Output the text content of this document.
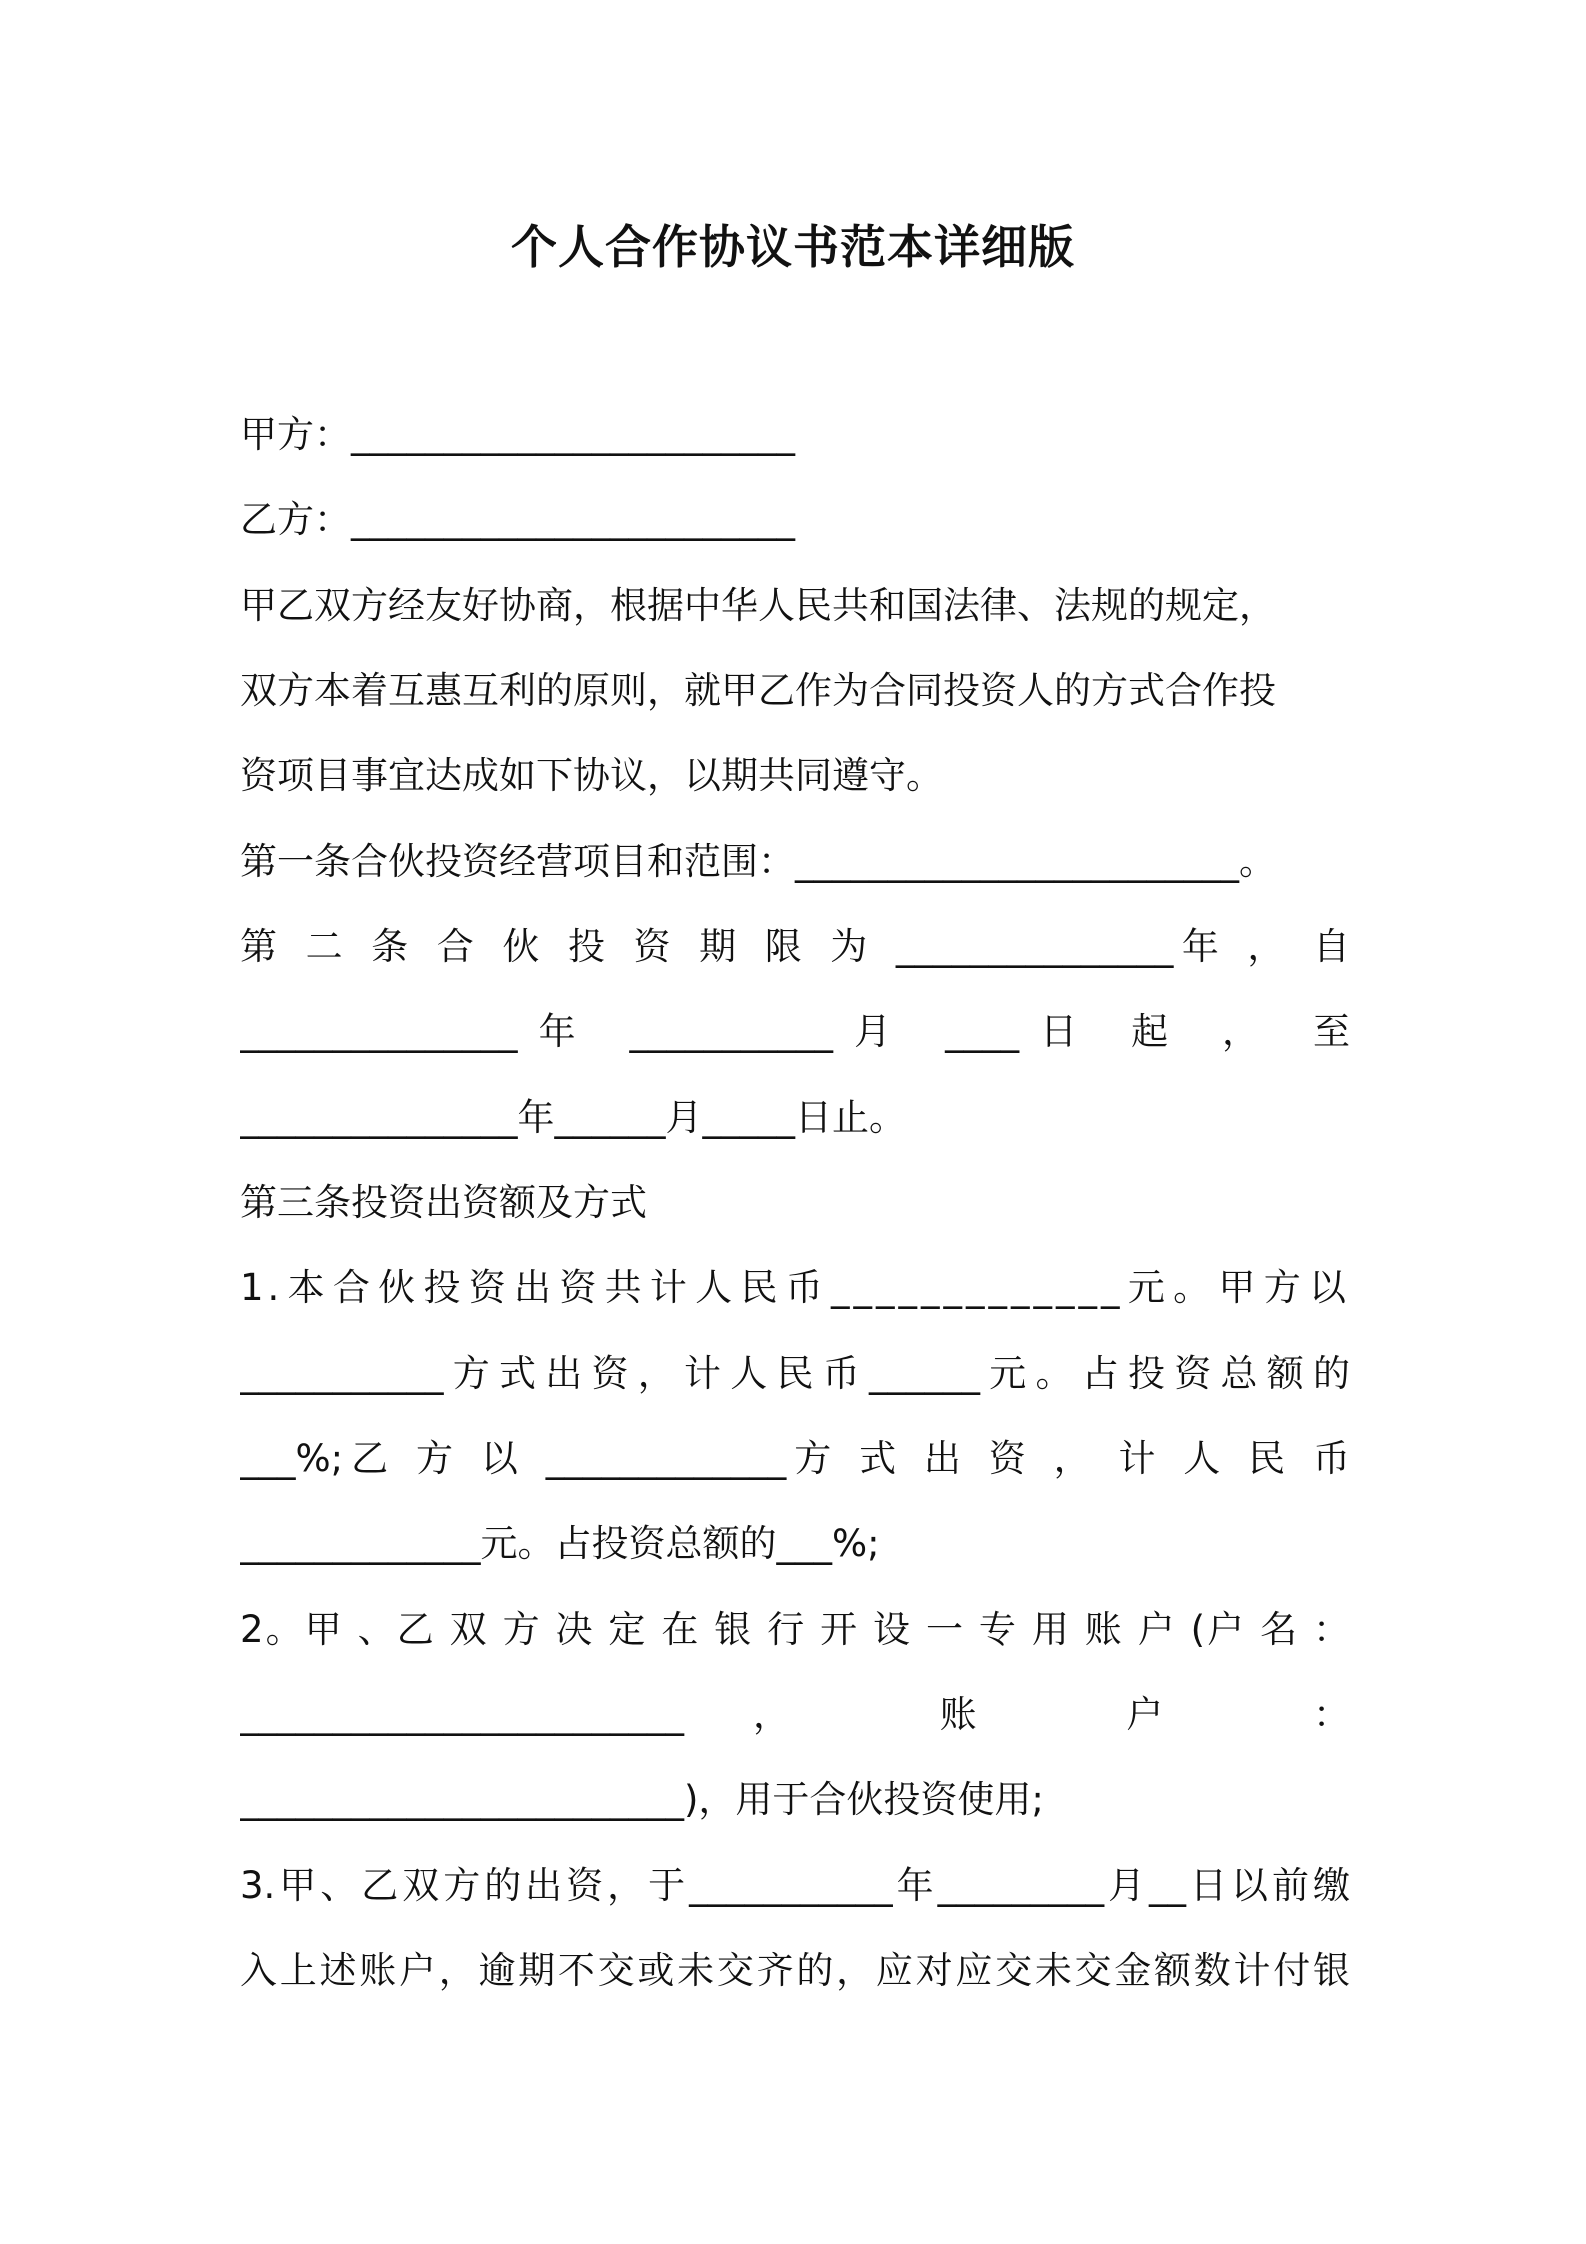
个人合作协议书范本详细版
甲方：________________________
乙方：________________________
甲乙双方经友好协商，根据中华人民共和国法律、法规的规定，
双方本着互惠互利的原则，就甲乙作为合同投资人的方式合作投
资项目事宜达成如下协议，以期共同遵守。
第一条合伙投资经营项目和范围：________________________。
第 二 条 合 伙 投 资 期 限 为 _______________年 ， 自
_______________年 ___________月 ____日 起 ， 至
_______________年______月_____日止。
第三条投资出资额及方式
1.本合伙投资出资共计人民币_____________元。甲方以
___________方式出资，计人民币______元。占投资总额的
___%;乙 方 以 _____________方 式 出 资 ， 计 人 民 币
_____________元。占投资总额的___%;
2。甲 、乙 双 方 决 定 在 银 行 开 设 一 专 用 账 户 (户 名 ：
________________________， 账 户 ：
________________________)，用于合伙投资使用;
3.甲、乙双方的出资，于___________年_________月__日以前缴
入上述账户，逾期不交或未交齐的，应对应交未交金额数计付银
